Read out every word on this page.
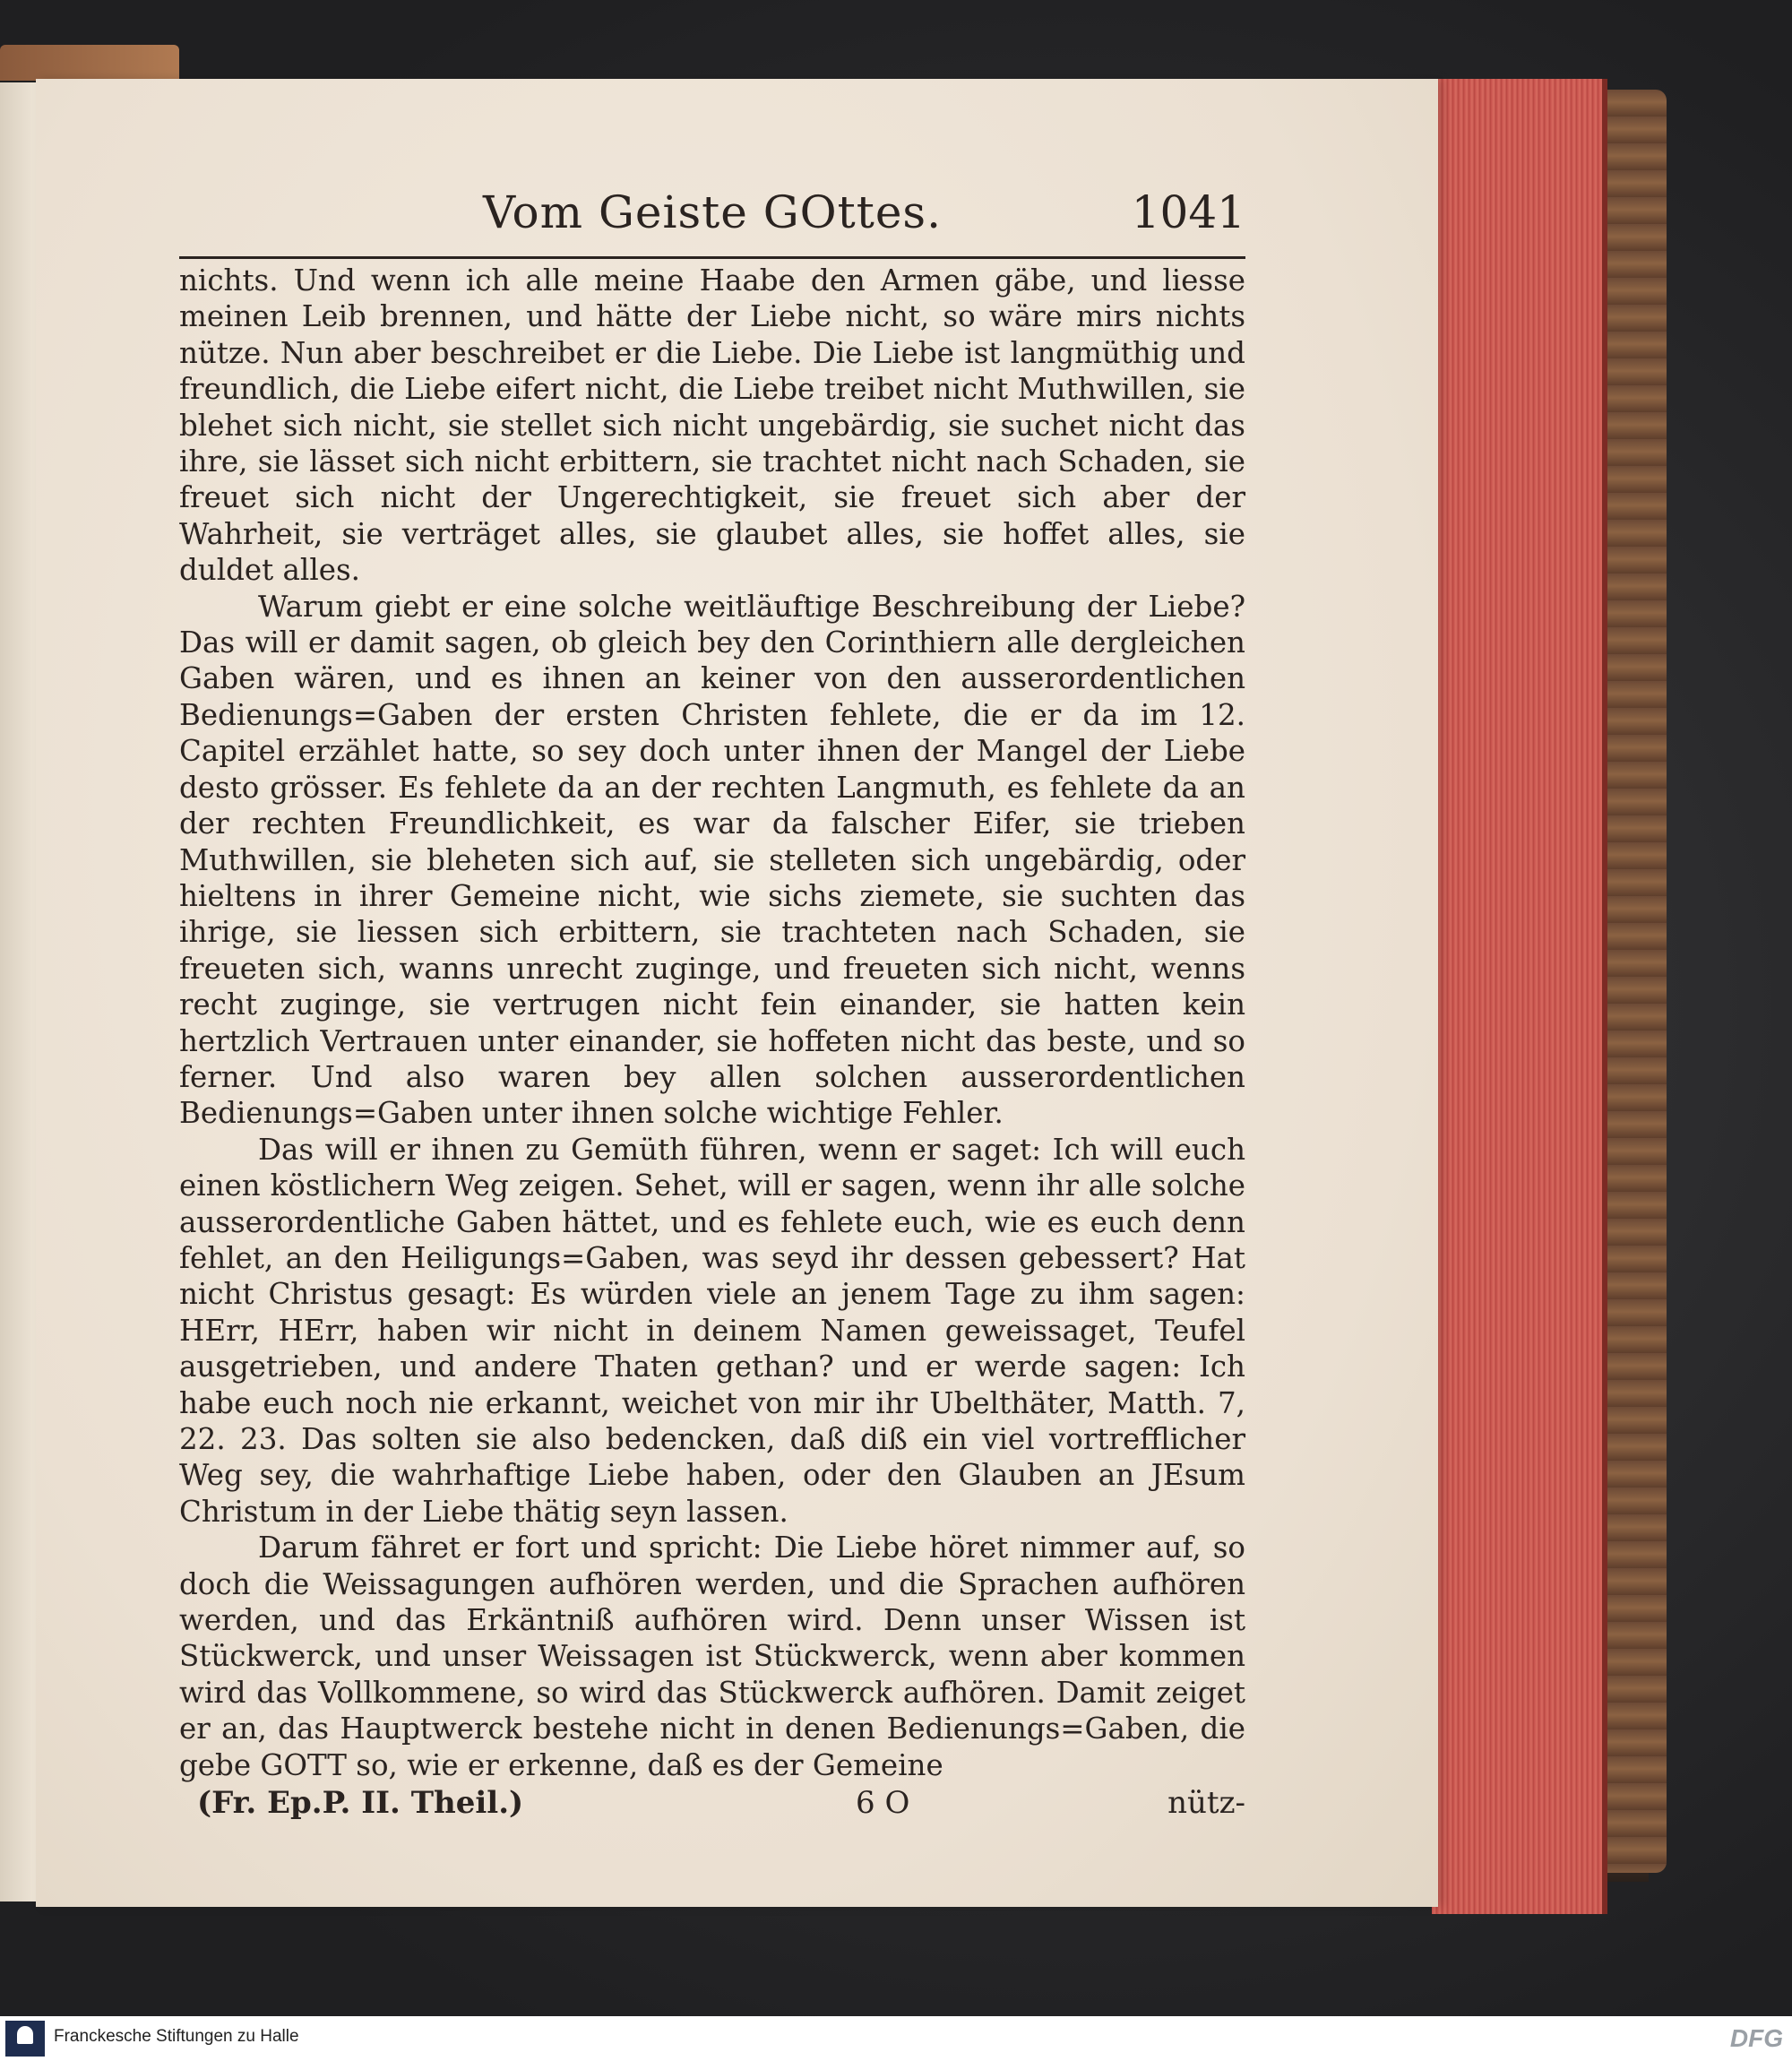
Vom Geiste GOttes.	1041

nichts. Und wenn ich alle meine Haabe den Armen gäbe, und liesse meinen Leib brennen, und hätte der Liebe nicht, so wäre mirs nichts nütze. Nun aber beschreibet er die Liebe. Die Liebe ist langmüthig und freundlich, die Liebe eifert nicht, die Liebe treibet nicht Muthwillen, sie blehet sich nicht, sie stellet sich nicht ungebärdig, sie suchet nicht das ihre, sie lässet sich nicht erbittern, sie trachtet nicht nach Schaden, sie freuet sich nicht der Ungerechtigkeit, sie freuet sich aber der Wahrheit, sie verträget alles, sie glaubet alles, sie hoffet alles, sie duldet alles.

Warum giebt er eine solche weitläuftige Beschreibung der Liebe? Das will er damit sagen, ob gleich bey den Corinthiern alle dergleichen Gaben wären, und es ihnen an keiner von den ausserordentlichen Bedienungs=Gaben der ersten Christen fehlete, die er da im 12. Capitel erzählet hatte, so sey doch unter ihnen der Mangel der Liebe desto grösser. Es fehlete da an der rechten Langmuth, es fehlete da an der rechten Freundlichkeit, es war da falscher Eifer, sie trieben Muthwillen, sie bleheten sich auf, sie stelleten sich ungebärdig, oder hieltens in ihrer Gemeine nicht, wie sichs ziemete, sie suchten das ihrige, sie liessen sich erbittern, sie trachteten nach Schaden, sie freueten sich, wanns unrecht zuginge, und freueten sich nicht, wenns recht zuginge, sie vertrugen nicht fein einander, sie hatten kein hertzlich Vertrauen unter einander, sie hoffeten nicht das beste, und so ferner. Und also waren bey allen solchen ausserordentlichen Bedienungs=Gaben unter ihnen solche wichtige Fehler.

Das will er ihnen zu Gemüth führen, wenn er saget: Ich will euch einen köstlichern Weg zeigen. Sehet, will er sagen, wenn ihr alle solche ausserordentliche Gaben hättet, und es fehlete euch, wie es euch denn fehlet, an den Heiligungs=Gaben, was seyd ihr dessen gebessert? Hat nicht Christus gesagt: Es würden viele an jenem Tage zu ihm sagen: HErr, HErr, haben wir nicht in deinem Namen geweissaget, Teufel ausgetrieben, und andere Thaten gethan? und er werde sagen: Ich habe euch noch nie erkannt, weichet von mir ihr Ubelthäter, Matth. 7, 22. 23. Das solten sie also bedencken, daß diß ein viel vortrefflicher Weg sey, die wahrhaftige Liebe haben, oder den Glauben an JEsum Christum in der Liebe thätig seyn lassen.

Darum fähret er fort und spricht: Die Liebe höret nimmer auf, so doch die Weissagungen aufhören werden, und die Sprachen aufhören werden, und das Erkäntniß aufhören wird. Denn unser Wissen ist Stückwerck, und unser Weissagen ist Stückwerck, wenn aber kommen wird das Vollkommene, so wird das Stückwerck aufhören. Damit zeiget er an, das Hauptwerck bestehe nicht in denen Bedienungs=Gaben, die gebe GOTT so, wie er erkenne, daß es der Gemeine

(Fr. Ep.P. II. Theil.)	6 O	nütz-
Franckesche Stiftungen zu Halle	DFG
